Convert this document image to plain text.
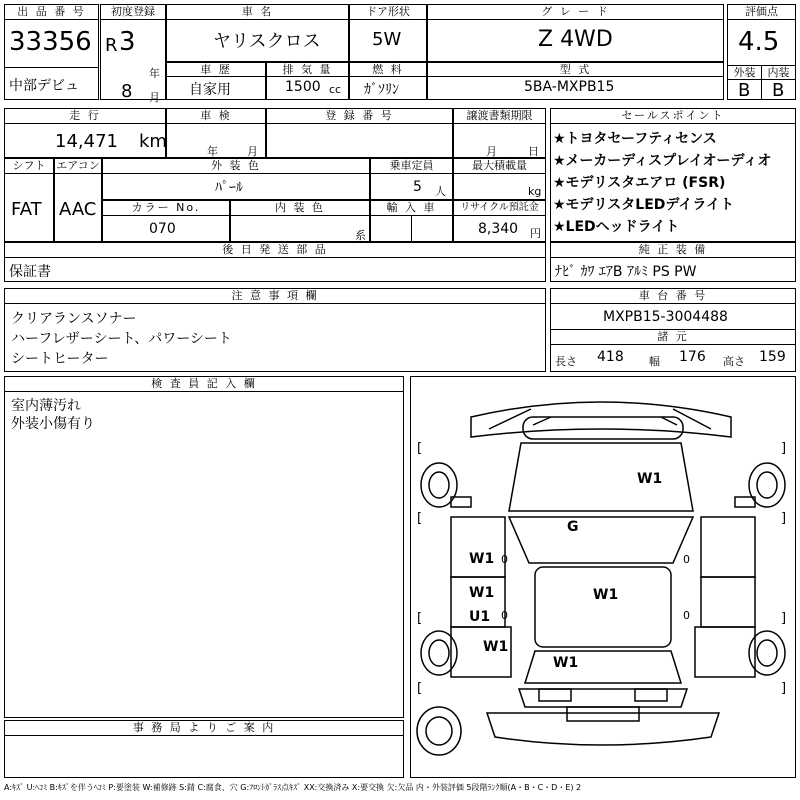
出 品 番 号
33356
中部デビュ
初度登録
R 3
年
8 月
車 名
ヤリスクロス
ドア形状
5W
グ レ ー ド
Z 4WD
評価点
4.5
外装	内装
B B
車 歴
自家用
排 気 量
1500 cc
燃 料
ｶﾞｿﾘﾝ
型 式
5BA-MXPB15
走 行
14,471 km
車 検
年	月
登 録 番 号	譲渡書類期限
月	日
シフト
FAT
エアコン
AAC
外 装 色
ﾊﾟｰﾙ
乗車定員
5 人
最大積載量
kg
カラー No.
070
内 装 色
系
輸 入 車	リサイクル預託金
8,340 円
セールスポイント
★トヨタセーフティセンス
★メーカーディスプレイオーディオ
★モデリスタエアロ (FSR)
★モデリスタLEDデイライト
★LEDヘッドライト
後 日 発 送 部 品
保証書
純 正 装 備
ﾅﾋﾞ ｶﾜ ｴｱB ｱﾙﾐ PS PW
注 意 事 項 欄
クリアランスソナー
ハーフレザーシート、パワーシート
シートヒーター
車 台 番 号
MXPB15-3004488
諸 元
長さ 418 幅 176 高さ 159
検 査 員 記 入 欄
室内薄汚れ
外装小傷有り
事 務 局 よ り ご 案 内
[	]
[	]
[	]
[	]
W1
G
W1 0
W1
0
U1
W1
W1
W1
0
0
A:ｷｽﾞ U:ﾍｺﾐ B:ｷｽﾞを伴うﾍｺﾐ P:要塗装 W:補修跡 S:錆 C:腐食、穴 G:ﾌﾛﾝﾄｶﾞﾗｽ点ｷｽﾞ XX:交換済み X:要交換 欠:欠品 内・外装評価 5段階ﾗﾝｸ順(A・B・C・D・E) 2
